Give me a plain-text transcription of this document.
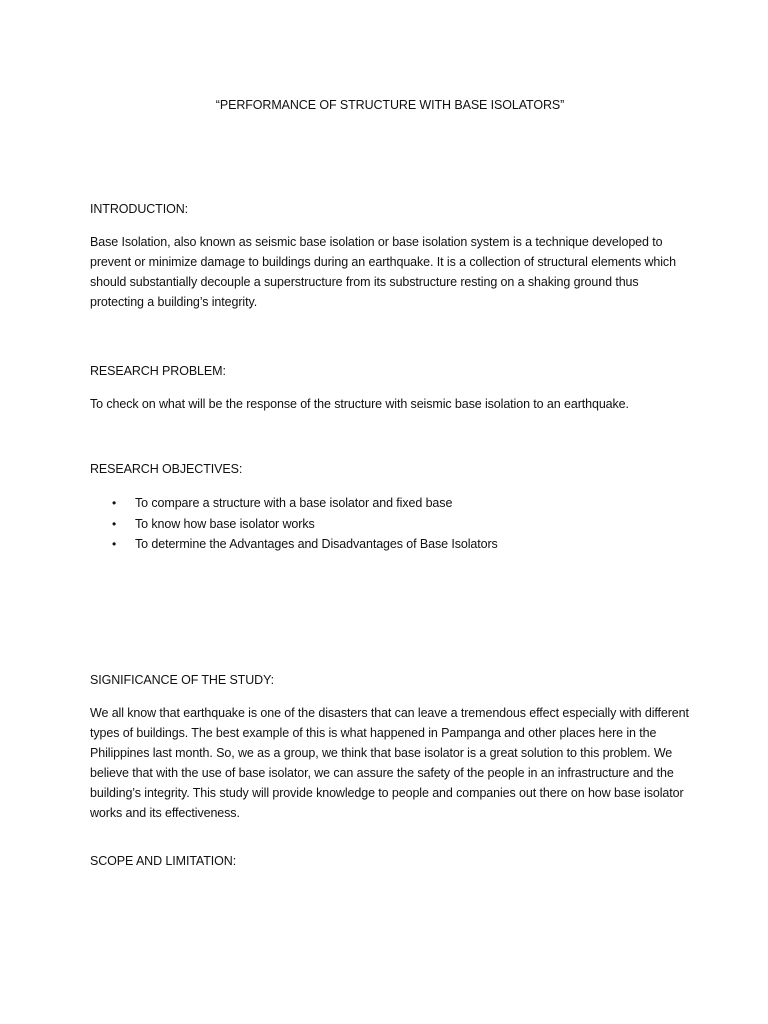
“PERFORMANCE OF STRUCTURE WITH BASE ISOLATORS”

INTRODUCTION:

Base Isolation, also known as seismic base isolation or base isolation system is a technique developed to prevent or minimize damage to buildings during an earthquake. It is a collection of structural elements which should substantially decouple a superstructure from its substructure resting on a shaking ground thus protecting a building’s integrity.

RESEARCH PROBLEM:

To check on what will be the response of the structure with seismic base isolation to an earthquake.

RESEARCH OBJECTIVES:

• To compare a structure with a base isolator and fixed base
• To know how base isolator works
• To determine the Advantages and Disadvantages of Base Isolators

SIGNIFICANCE OF THE STUDY:

We all know that earthquake is one of the disasters that can leave a tremendous effect especially with different types of buildings. The best example of this is what happened in Pampanga and other places here in the Philippines last month. So, we as a group, we think that base isolator is a great solution to this problem. We believe that with the use of base isolator, we can assure the safety of the people in an infrastructure and the building’s integrity. This study will provide knowledge to people and companies out there on how base isolator works and its effectiveness.

SCOPE AND LIMITATION:
